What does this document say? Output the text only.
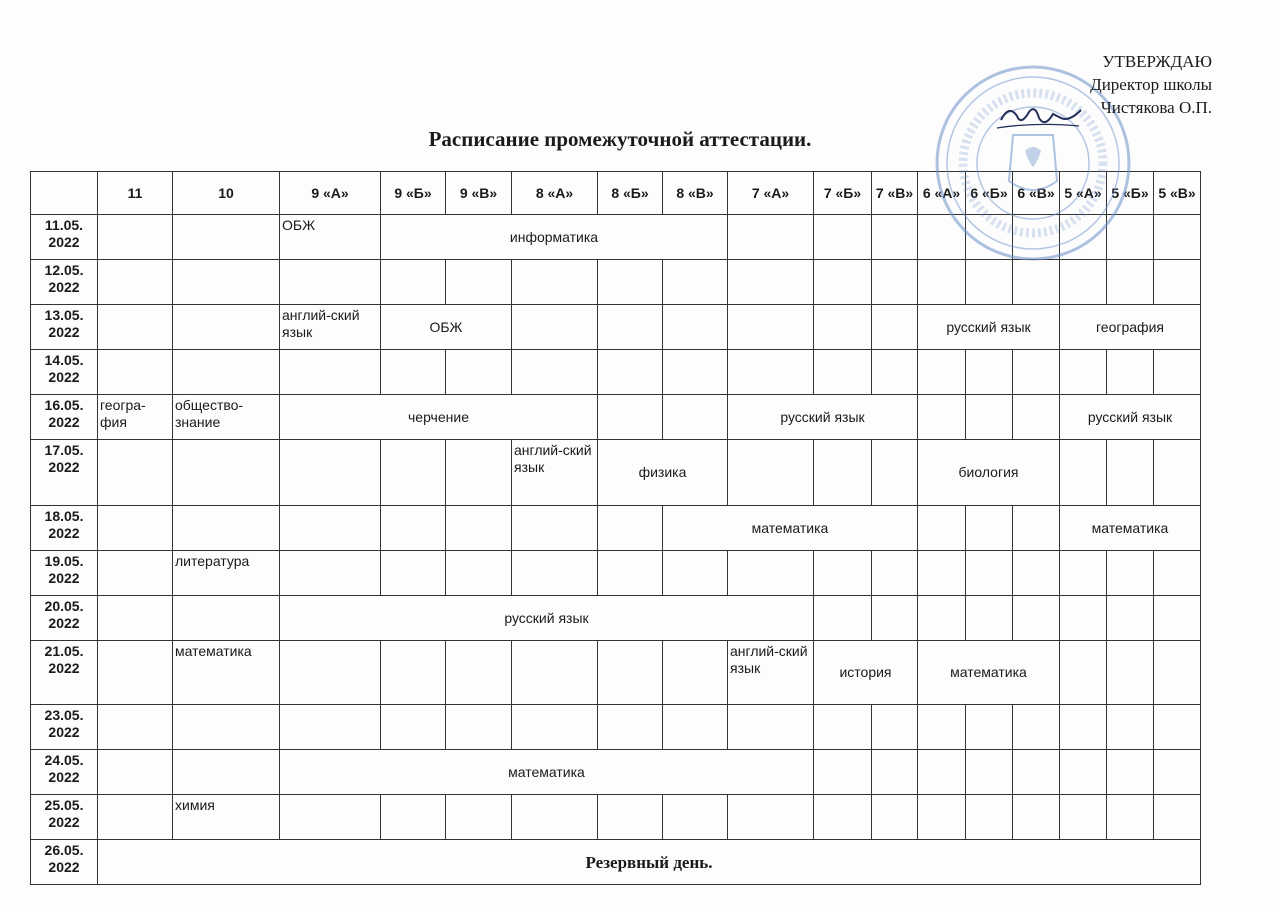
УТВЕРЖДАЮ
Директор школы
Чистякова О.П.
Расписание промежуточной аттестации.
	11	10	9 «А»	9 «Б»	9 «В»	8 «А»	8 «Б»	8 «В»	7 «А»	7 «Б»	7 «В»	6 «А»	6 «Б»	6 «В»	5 «А»	5 «Б»	5 «В»
11.05. 2022			ОБЖ	информатика													
12.05. 2022																	
13.05. 2022			англий-ский язык	ОБЖ								русский язык			география		
14.05. 2022																	
16.05. 2022	геогра-фия	общество-знание	черчение						русский язык						русский язык		
17.05. 2022						англий-ский язык	физика					биология					
18.05. 2022								математика							математика		
19.05. 2022		литература															
20.05. 2022			русский язык														
21.05. 2022		математика							англий-ский язык	история		математика					
23.05. 2022																	
24.05. 2022			математика														
25.05. 2022		химия															
26.05. 2022	Резервный день.																
